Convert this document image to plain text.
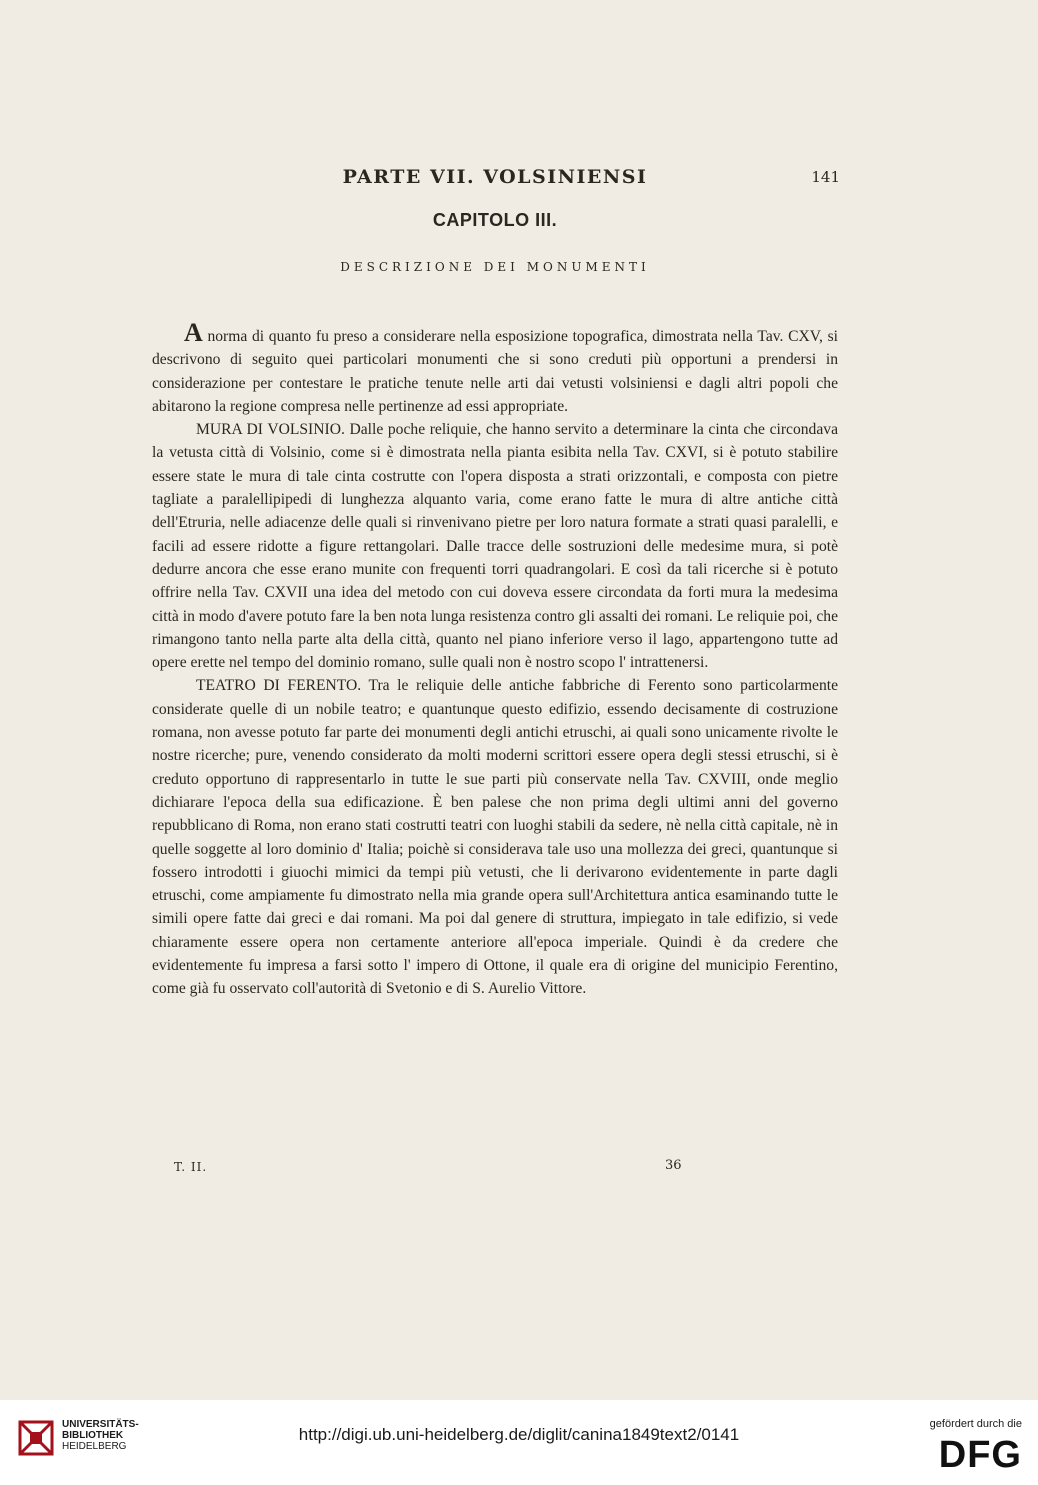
PARTE VII. VOLSINIENSI	141
CAPITOLO III.
DESCRIZIONE DEI MONUMENTI

A norma di quanto fu preso a considerare nella esposizione topografica, dimostrata nella Tav. CXV, si descrivono di seguito quei particolari monumenti che si sono creduti più opportuni a prendersi in considerazione per contestare le pratiche tenute nelle arti dai vetusti volsiniensi e dagli altri popoli che abitarono la regione compresa nelle pertinenze ad essi appropriate.

MURA DI VOLSINIO. Dalle poche reliquie, che hanno servito a determinare la cinta che circondava la vetusta città di Volsinio, come si è dimostrata nella pianta esibita nella Tav. CXVI, si è potuto stabilire essere state le mura di tale cinta costrutte con l'opera disposta a strati orizzontali, e composta con pietre tagliate a paralellipipedi di lunghezza alquanto varia, come erano fatte le mura di altre antiche città dell'Etruria, nelle adiacenze delle quali si rinvenivano pietre per loro natura formate a strati quasi paralelli, e facili ad essere ridotte a figure rettangolari. Dalle tracce delle sostruzioni delle medesime mura, si potè dedurre ancora che esse erano munite con frequenti torri quadrangolari. E così da tali ricerche si è potuto offrire nella Tav. CXVII una idea del metodo con cui doveva essere circondata da forti mura la medesima città in modo d'avere potuto fare la ben nota lunga resistenza contro gli assalti dei romani. Le reliquie poi, che rimangono tanto nella parte alta della città, quanto nel piano inferiore verso il lago, appartengono tutte ad opere erette nel tempo del dominio romano, sulle quali non è nostro scopo l' intrattenersi.

TEATRO DI FERENTO. Tra le reliquie delle antiche fabbriche di Ferento sono particolarmente considerate quelle di un nobile teatro; e quantunque questo edifizio, essendo decisamente di costruzione romana, non avesse potuto far parte dei monumenti degli antichi etruschi, ai quali sono unicamente rivolte le nostre ricerche; pure, venendo considerato da molti moderni scrittori essere opera degli stessi etruschi, si è creduto opportuno di rappresentarlo in tutte le sue parti più conservate nella Tav. CXVIII, onde meglio dichiarare l'epoca della sua edificazione. È ben palese che non prima degli ultimi anni del governo repubblicano di Roma, non erano stati costrutti teatri con luoghi stabili da sedere, nè nella città capitale, nè in quelle soggette al loro dominio d' Italia; poichè si considerava tale uso una mollezza dei greci, quantunque si fossero introdotti i giuochi mimici da tempi più vetusti, che li derivarono evidentemente in parte dagli etruschi, come ampiamente fu dimostrato nella mia grande opera sull'Architettura antica esaminando tutte le simili opere fatte dai greci e dai romani. Ma poi dal genere di struttura, impiegato in tale edifizio, si vede chiaramente essere opera non certamente anteriore all'epoca imperiale. Quindi è da credere che evidentemente fu impresa a farsi sotto l' impero di Ottone, il quale era di origine del municipio Ferentino, come già fu osservato coll'autorità di Svetonio e di S. Aurelio Vittore.

T. II.	36
UNIVERSITÄTS-
BIBLIOTHEK
HEIDELBERG
http://digi.ub.uni-heidelberg.de/diglit/canina1849text2/0141
gefördert durch die
DFG
